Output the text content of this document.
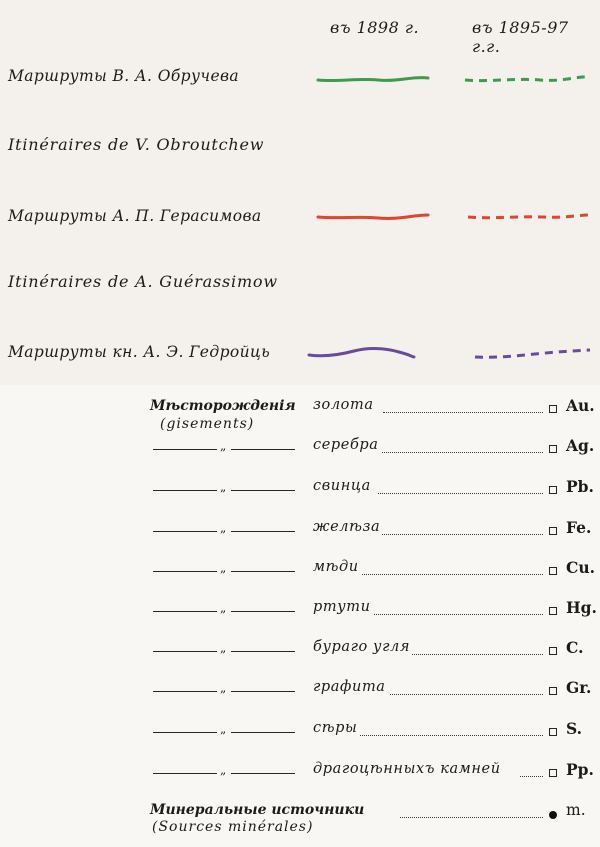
въ 1898 г.	въ 1895-97 г.г.
Маршруты В. А. Обручева
Itinéraires de V. Obroutchew
Маршруты А. П. Герасимова
Itinéraires de A. Guérassimow
Маршруты кн. А. Э. Гедройць
Мѣсторожденія
(gisements)
золота	Au.
„	серебра	Ag.
„	свинца	Pb.
„	желѣза	Fe.
„	мѣди	Cu.
„	ртути	Hg.
„	бураго угля	C.
„	графита	Gr.
„	сѣры	S.
„	драгоцѣнныхъ камней	Pp.
Минеральные источники	m.
(Sources minérales)
